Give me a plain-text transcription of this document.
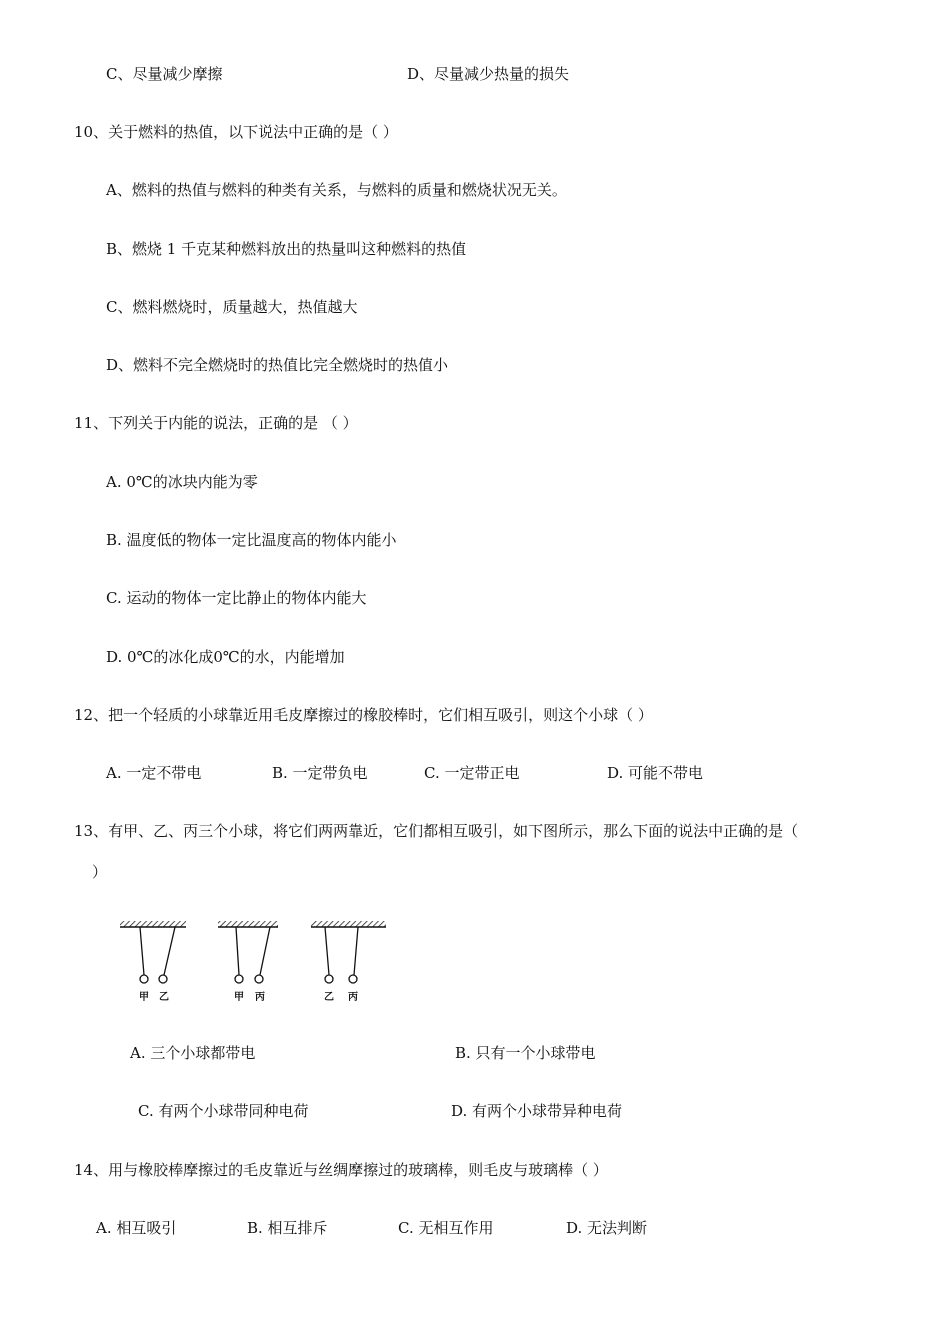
C、尽量减少摩擦	D、尽量减少热量的损失
10、关于燃料的热值，以下说法中正确的是（ ）
A、燃料的热值与燃料的种类有关系，与燃料的质量和燃烧状况无关。
B、燃烧 1 千克某种燃料放出的热量叫这种燃料的热值
C、燃料燃烧时，质量越大，热值越大
D、燃料不完全燃烧时的热值比完全燃烧时的热值小
11、下列关于内能的说法，正确的是 （ ）
A. 0℃的冰块内能为零
B. 温度低的物体一定比温度高的物体内能小
C. 运动的物体一定比静止的物体内能大
D. 0℃的冰化成0℃的水，内能增加
12、把一个轻质的小球靠近用毛皮摩擦过的橡胶棒时，它们相互吸引，则这个小球（ ）
A. 一定不带电	B. 一定带负电	C. 一定带正电	D. 可能不带电
13、有甲、乙、丙三个小球，将它们两两靠近，它们都相互吸引，如下图所示，那么下面的说法中正确的是（
）
甲 乙	甲 丙	乙 丙
A. 三个小球都带电	B. 只有一个小球带电
C. 有两个小球带同种电荷	D. 有两个小球带异种电荷
14、用与橡胶棒摩擦过的毛皮靠近与丝绸摩擦过的玻璃棒，则毛皮与玻璃棒（ ）
A. 相互吸引	B. 相互排斥	C. 无相互作用	D. 无法判断
